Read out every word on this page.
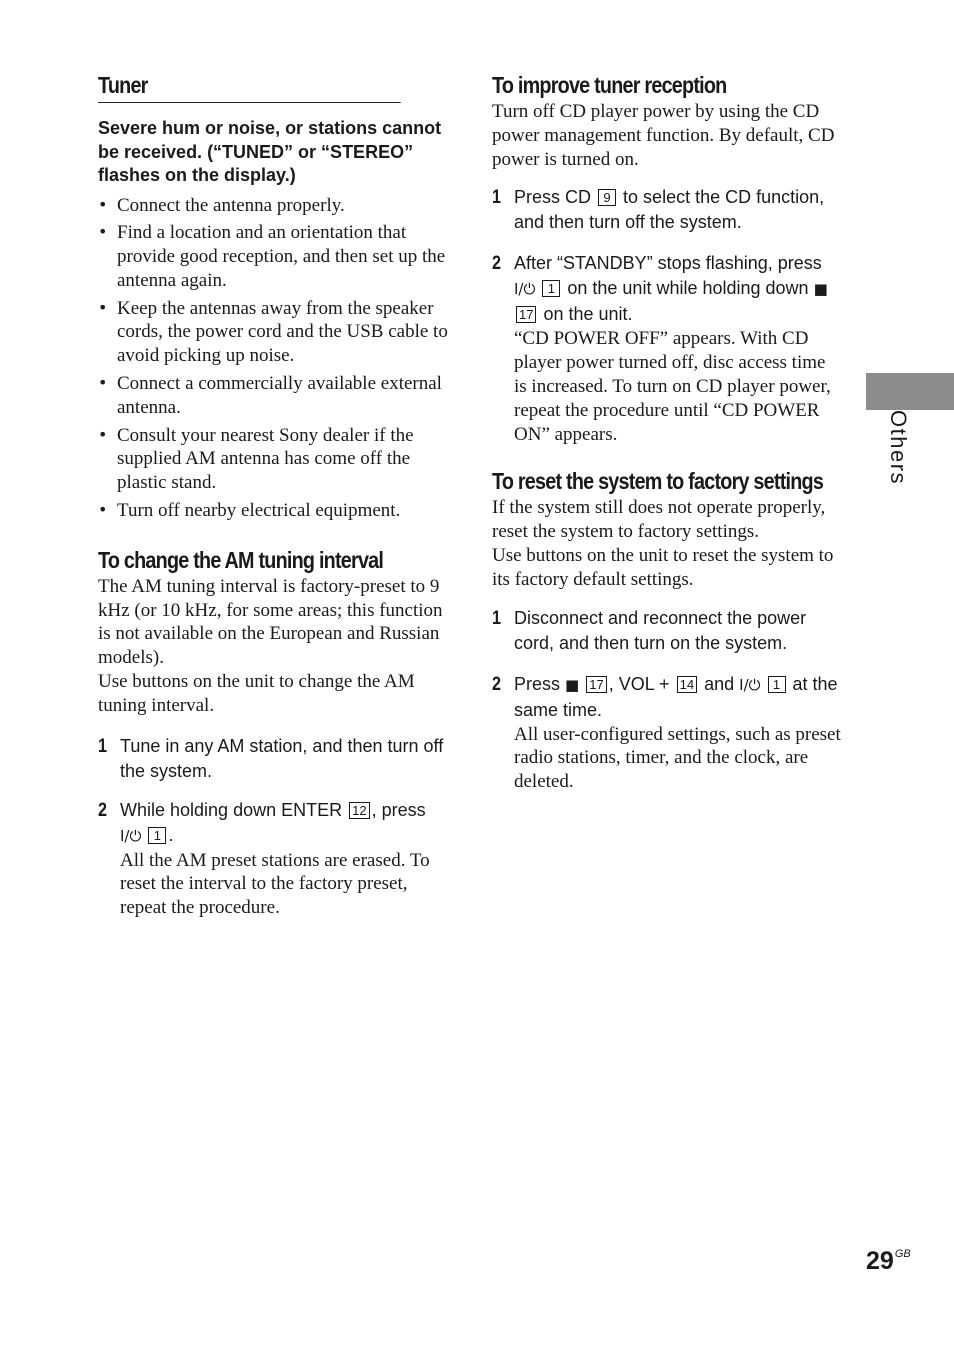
Tuner

Severe hum or noise, or stations cannot be received. (“TUNED” or “STEREO” flashes on the display.)

• Connect the antenna properly.
• Find a location and an orientation that provide good reception, and then set up the antenna again.
• Keep the antennas away from the speaker cords, the power cord and the USB cable to avoid picking up noise.
• Connect a commercially available external antenna.
• Consult your nearest Sony dealer if the supplied AM antenna has come off the plastic stand.
• Turn off nearby electrical equipment.
To change the AM tuning interval

The AM tuning interval is factory-preset to 9 kHz (or 10 kHz, for some areas; this function is not available on the European and Russian models).

Use buttons on the unit to change the AM tuning interval.

1 Tune in any AM station, and then turn off the system.

2 While holding down ENTER 12 , press
I/⏻ 1 .

All the AM preset stations are erased. To reset the interval to the factory preset, repeat the procedure.

To improve tuner reception

Turn off CD player power by using the CD power management function. By default, CD power is turned on.

1 Press CD 9 to select the CD function, and then turn off the system.

2 After “STANDBY” stops flashing, press
I/⏻ 1 on the unit while holding down ■ 17 on the unit.

“CD POWER OFF” appears. With CD player power turned off, disc access time is increased. To turn on CD player power, repeat the procedure until “CD POWER ON” appears.

To reset the system to factory settings

If the system still does not operate properly, reset the system to factory settings.

Use buttons on the unit to reset the system to its factory default settings.

1 Disconnect and reconnect the power cord, and then turn on the system.

2 Press ■ 17 , VOL + 14 and I/⏻ 1 at the same time.

All user-configured settings, such as preset radio stations, timer, and the clock, are deleted.

Others
$29^{GB}$
